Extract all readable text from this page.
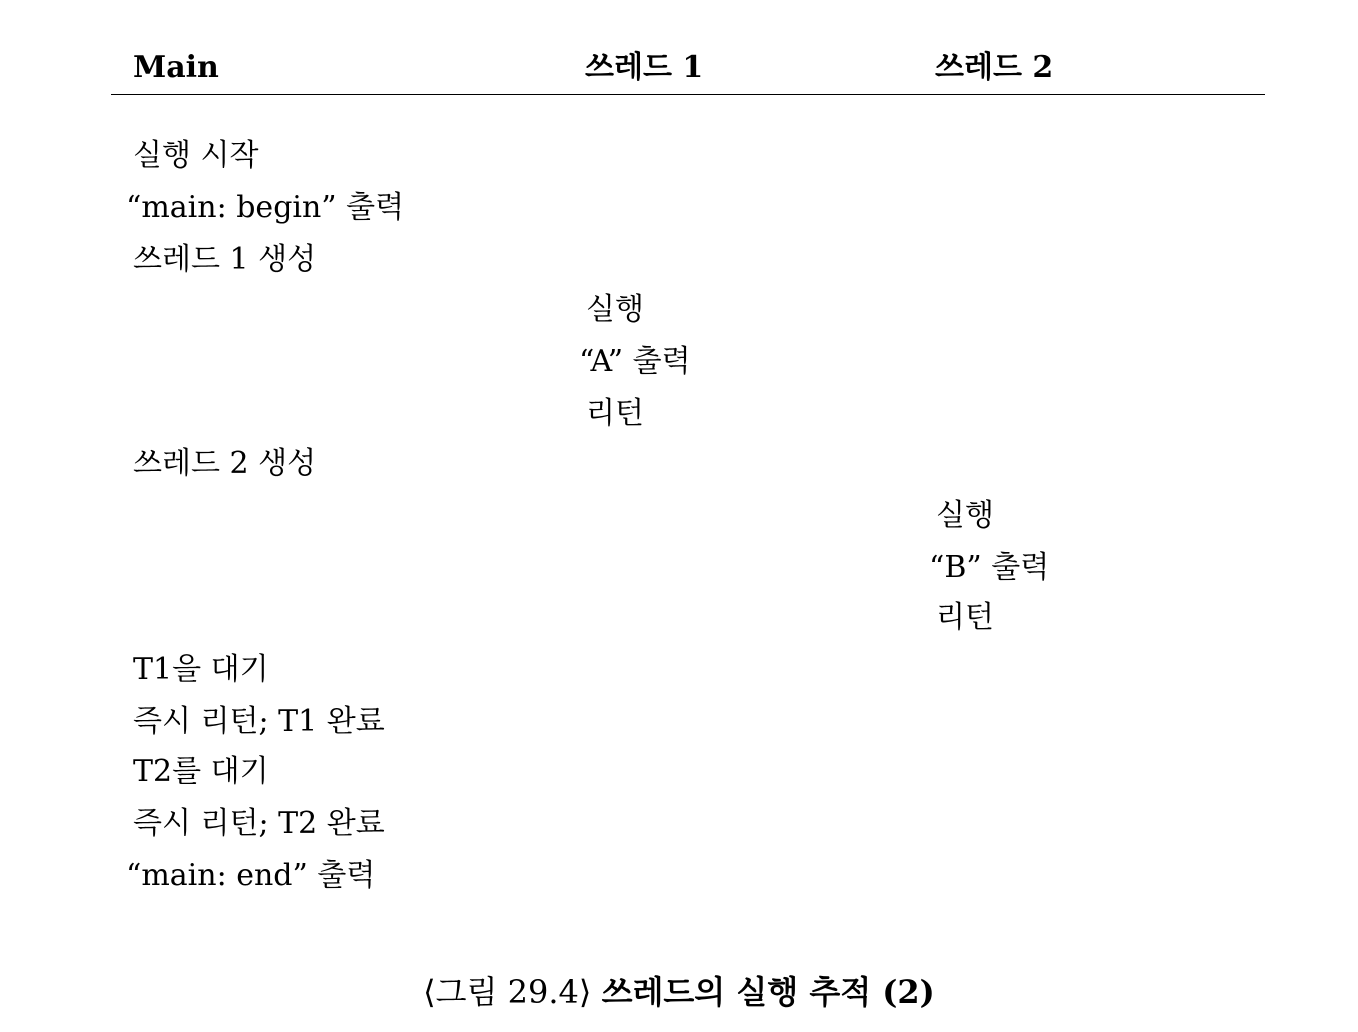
Main	쓰레드 1	쓰레드 2
실행 시작
“main: begin” 출력
쓰레드 1 생성
실행
“A” 출력
리턴
쓰레드 2 생성
실행
“B” 출력
리턴
T1을 대기
즉시 리턴; T1 완료
T2를 대기
즉시 리턴; T2 완료
“main: end” 출력
⟨그림 29.4⟩ 쓰레드의 실행 추적 (2)
